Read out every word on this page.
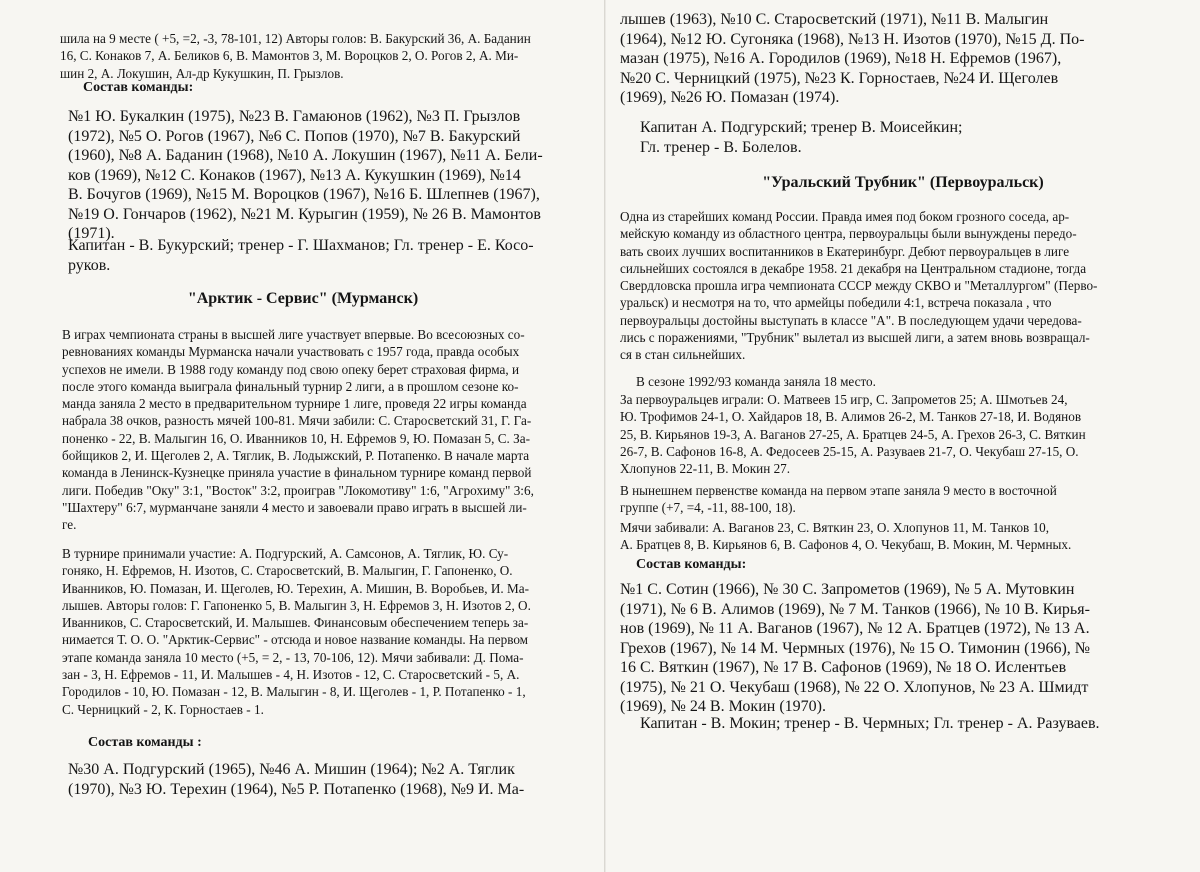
шила на 9 месте ( +5, =2, -3, 78-101, 12) Авторы голов: В. Бакурский 36, А. Баданин
16, С. Конаков 7, А. Беликов 6, В. Мамонтов 3, М. Вороцков 2, О. Рогов 2, А. Ми-
шин 2, А. Локушин, Ал-др Кукушкин, П. Грызлов.

Состав команды:

№1 Ю. Букалкин (1975), №23 В. Гамаюнов (1962), №3 П. Грызлов
(1972), №5 О. Рогов (1967), №6 С. Попов (1970), №7 В. Бакурский
(1960), №8 А. Баданин (1968), №10 А. Локушин (1967), №11 А. Бели-
ков (1969), №12 С. Конаков (1967), №13 А. Кукушкин (1969), №14
В. Бочугов (1969), №15 М. Вороцков (1967), №16 Б. Шлепнев (1967),
№19 О. Гончаров (1962), №21 М. Курыгин (1959), № 26 В. Мамонтов
(1971).

Капитан - В. Букурский; тренер - Г. Шахманов; Гл. тренер - Е. Косо-
руков.

"Арктик - Сервис" (Мурманск)

В играх чемпионата страны в высшей лиге участвует впервые. Во всесоюзных со-
ревнованиях команды Мурманска начали участвовать с 1957 года, правда особых
успехов не имели. В 1988 году команду под свою опеку берет страховая фирма, и
после этого команда выиграла финальный турнир 2 лиги, а в прошлом сезоне ко-
манда заняла 2 место в предварительном турнире 1 лиге, проведя 22 игры команда
набрала 38 очков, разность мячей 100-81. Мячи забили: С. Старосветский 31, Г. Га-
поненко - 22, В. Малыгин 16, О. Иванников 10, Н. Ефремов 9, Ю. Помазан 5, С. За-
бойщиков 2, И. Щеголев 2, А. Тяглик, В. Лодыжский, Р. Потапенко. В начале марта
команда в Ленинск-Кузнецке приняла участие в финальном турнире команд первой
лиги. Победив "Оку" 3:1, "Восток" 3:2, проиграв "Локомотиву" 1:6, "Агрохиму" 3:6,
"Шахтеру" 6:7, мурманчане заняли 4 место и завоевали право играть в высшей ли-
ге.

В турнире принимали участие: А. Подгурский, А. Самсонов, А. Тяглик, Ю. Су-
гоняко, Н. Ефремов, Н. Изотов, С. Старосветский, В. Малыгин, Г. Гапоненко, О.
Иванников, Ю. Помазан, И. Щеголев, Ю. Терехин, А. Мишин, В. Воробьев, И. Ма-
лышев. Авторы голов: Г. Гапоненко 5, В. Малыгин 3, Н. Ефремов 3, Н. Изотов 2, О.
Иванников, С. Старосветский, И. Малышев. Финансовым обеспечением теперь за-
нимается Т. О. О. "Арктик-Сервис" - отсюда и новое название команды. На первом
этапе команда заняла 10 место (+5, = 2, - 13, 70-106, 12). Мячи забивали: Д. Пома-
зан - 3, Н. Ефремов - 11, И. Малышев - 4, Н. Изотов - 12, С. Старосветский - 5, А.
Городилов - 10, Ю. Помазан - 12, В. Малыгин - 8, И. Щеголев - 1, Р. Потапенко - 1,
С. Черницкий - 2, К. Горностаев - 1.

Состав команды :

№30 А. Подгурский (1965), №46 А. Мишин (1964); №2 А. Тяглик
(1970), №3 Ю. Терехин (1964), №5 Р. Потапенко (1968), №9 И. Ма-

лышев (1963), №10 С. Старосветский (1971), №11 В. Малыгин
(1964), №12 Ю. Сугоняка (1968), №13 Н. Изотов (1970), №15 Д. По-
мазан (1975), №16 А. Городилов (1969), №18 Н. Ефремов (1967),
№20 С. Черницкий (1975), №23 К. Горностаев, №24 И. Щеголев
(1969), №26 Ю. Помазан (1974).

Капитан А. Подгурский; тренер В. Моисейкин;
Гл. тренер - В. Болелов.

"Уральский Трубник" (Первоуральск)

Одна из старейших команд России. Правда имея под боком грозного соседа, ар-
мейскую команду из областного центра, первоуральцы были вынуждены передо-
вать своих лучших воспитанников в Екатеринбург. Дебют первоуральцев в лиге
сильнейших состоялся в декабре 1958. 21 декабря на Центральном стадионе, тогда
Свердловска прошла игра чемпионата СССР между СКВО и "Металлургом" (Перво-
уральск) и несмотря на то, что армейцы победили 4:1, встреча показала , что
первоуральцы достойны выступать в классе "А". В последующем удачи чередова-
лись с поражениями, "Трубник" вылетал из высшей лиги, а затем вновь возвращал-
ся в стан сильнейших.

В сезоне 1992/93 команда заняла 18 место.

За первоуральцев играли: О. Матвеев 15 игр, С. Запрометов 25; А. Шмотьев 24,
Ю. Трофимов 24-1, О. Хайдаров 18, В. Алимов 26-2, М. Танков 27-18, И. Водянов
25, В. Кирьянов 19-3, А. Ваганов 27-25, А. Братцев 24-5, А. Грехов 26-3, С. Вяткин
26-7, В. Сафонов 16-8, А. Федосеев 25-15, А. Разуваев 21-7, О. Чекубаш 27-15, О.
Хлопунов 22-11, В. Мокин 27.

В нынешнем первенстве команда на первом этапе заняла 9 место в восточной
группе (+7, =4, -11, 88-100, 18).

Мячи забивали: А. Ваганов 23, С. Вяткин 23, О. Хлопунов 11, М. Танков 10,
А. Братцев 8, В. Кирьянов 6, В. Сафонов 4, О. Чекубаш, В. Мокин, М. Чермных.

Состав команды:

№1 С. Сотин (1966), № 30 С. Запрометов (1969), № 5 А. Мутовкин
(1971), № 6 В. Алимов (1969), № 7 М. Танков (1966), № 10 В. Кирья-
нов (1969), № 11 А. Ваганов (1967), № 12 А. Братцев (1972), № 13 А.
Грехов (1967), № 14 М. Чермных (1976), № 15 О. Тимонин (1966), №
16 С. Вяткин (1967), № 17 В. Сафонов (1969), № 18 О. Ислентьев
(1975), № 21 О. Чекубаш (1968), № 22 О. Хлопунов, № 23 А. Шмидт
(1969), № 24 В. Мокин (1970).

Капитан - В. Мокин; тренер - В. Чермных; Гл. тренер - А. Разуваев.
